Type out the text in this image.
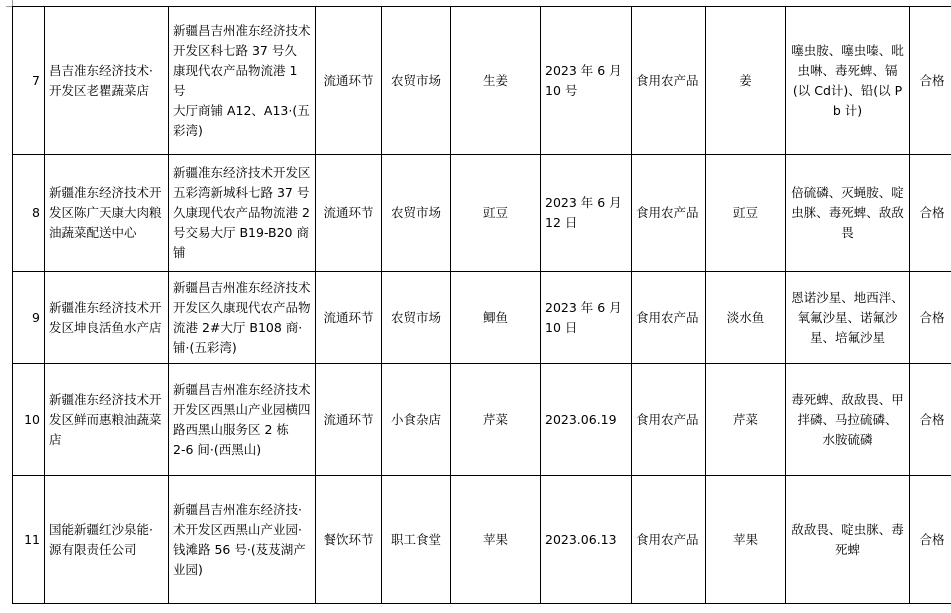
7	昌吉准东经济技术·开发区老瞿蔬菜店	新疆昌吉州准东经济技术开发区科七路 37 号久
康现代农产品物流港 1 号
大厅商铺 A12、A13·(五彩湾)	流通环节	农贸市场	生姜	2023 年 6 月 10 号	食用农产品	姜	噻虫胺、噻虫嗪、吡虫啉、毒死蜱、镉(以 Cd计)、铅(以 Pb 计)	合格
8	新疆准东经济技术开发区陈广天康大肉粮油蔬菜配送中心	新疆准东经济技术开发区五彩湾新城科七路 37 号久康现代农产品物流港 2 号交易大厅 B19-B20 商铺	流通环节	农贸市场	豇豆	2023 年 6 月 12 日	食用农产品	豇豆	倍硫磷、灭蝇胺、啶虫脒、毒死蜱、敌敌畏	合格
9	新疆准东经济技术开发区坤良活鱼水产店	新疆昌吉州准东经济技术开发区久康现代农产品物流港 2#大厅 B108 商·铺·(五彩湾)	流通环节	农贸市场	鲫鱼	2023 年 6 月 10 日	食用农产品	淡水鱼	恩诺沙星、地西泮、氧氟沙星、诺氟沙星、培氟沙星	合格
10	新疆准东经济技术开发区鲜而惠粮油蔬菜店	新疆昌吉州准东经济技术开发区西黑山产业园横四路西黑山服务区 2 栋
2-6 间·(西黑山)	流通环节	小食杂店	芹菜	2023.06.19	食用农产品	芹菜	毒死蜱、敌敌畏、甲拌磷、马拉硫磷、
水胺硫磷	合格
11	国能新疆红沙泉能·源有限责任公司	新疆昌吉州准东经济技·术开发区西黑山产业园·钱滩路 56 号·(芨芨湖产
业园)	餐饮环节	职工食堂	苹果	2023.06.13	食用农产品	苹果	敌敌畏、啶虫脒、毒死蜱	合格
